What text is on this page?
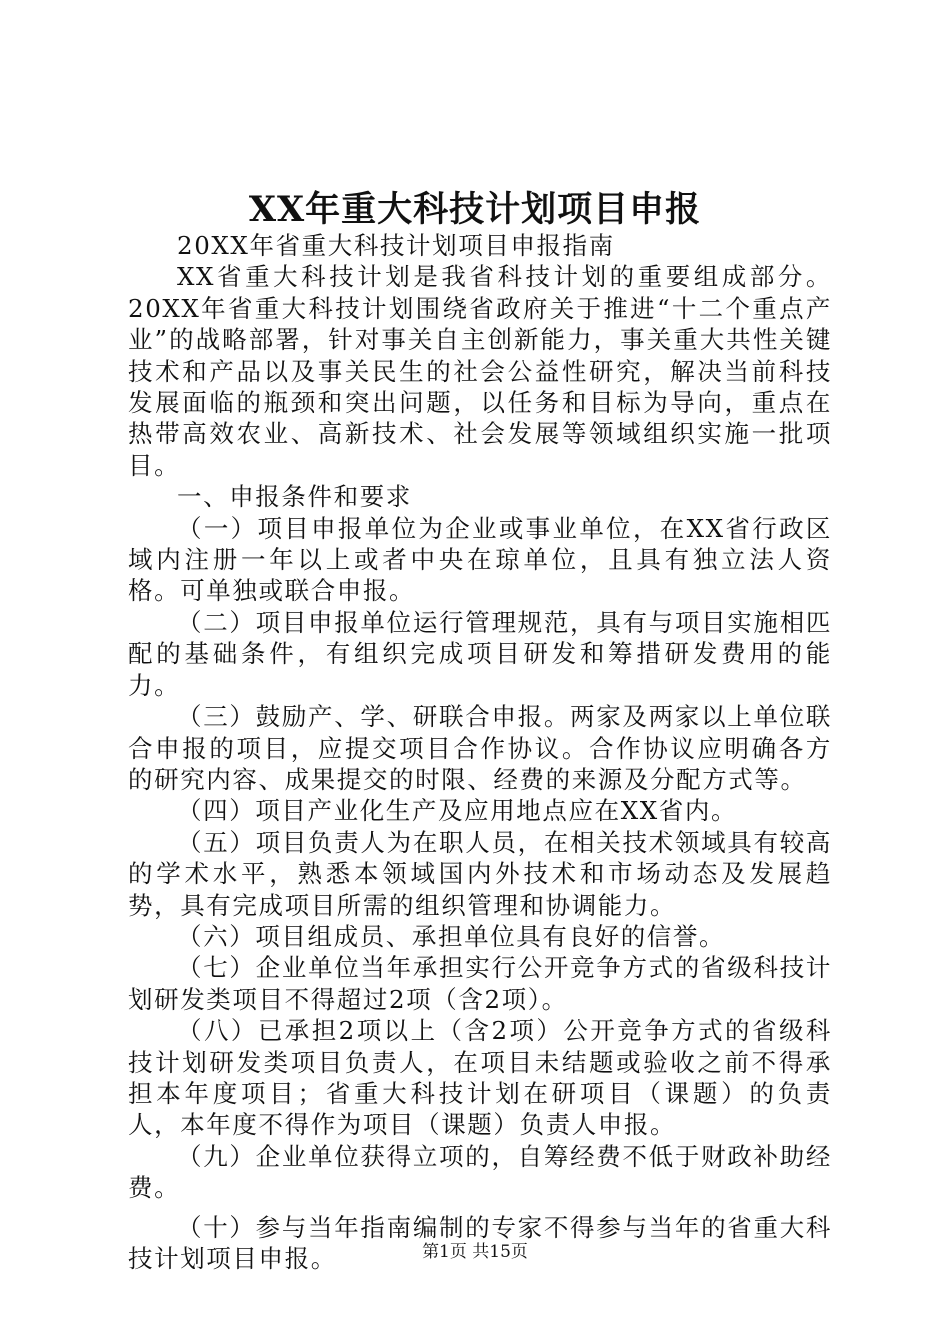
XX年重大科技计划项目申报

20XX年省重大科技计划项目申报指南

XX省重大科技计划是我省科技计划的重要组成部分。20XX年省重大科技计划围绕省政府关于推进“十二个重点产业”的战略部署，针对事关自主创新能力，事关重大共性关键技术和产品以及事关民生的社会公益性研究，解决当前科技发展面临的瓶颈和突出问题，以任务和目标为导向，重点在热带高效农业、高新技术、社会发展等领域组织实施一批项目。

一、申报条件和要求

（一）项目申报单位为企业或事业单位，在XX省行政区域内注册一年以上或者中央在琼单位，且具有独立法人资格。可单独或联合申报。

（二）项目申报单位运行管理规范，具有与项目实施相匹配的基础条件，有组织完成项目研发和筹措研发费用的能力。

（三）鼓励产、学、研联合申报。两家及两家以上单位联合申报的项目，应提交项目合作协议。合作协议应明确各方的研究内容、成果提交的时限、经费的来源及分配方式等。

（四）项目产业化生产及应用地点应在XX省内。

（五）项目负责人为在职人员，在相关技术领域具有较高的学术水平，熟悉本领域国内外技术和市场动态及发展趋势，具有完成项目所需的组织管理和协调能力。

（六）项目组成员、承担单位具有良好的信誉。

（七）企业单位当年承担实行公开竞争方式的省级科技计划研发类项目不得超过2项（含2项）。

（八）已承担2项以上（含2项）公开竞争方式的省级科技计划研发类项目负责人，在项目未结题或验收之前不得承担本年度项目；省重大科技计划在研项目（课题）的负责人，本年度不得作为项目（课题）负责人申报。

（九）企业单位获得立项的，自筹经费不低于财政补助经费。

（十）参与当年指南编制的专家不得参与当年的省重大科技计划项目申报。	第1页 共15页
